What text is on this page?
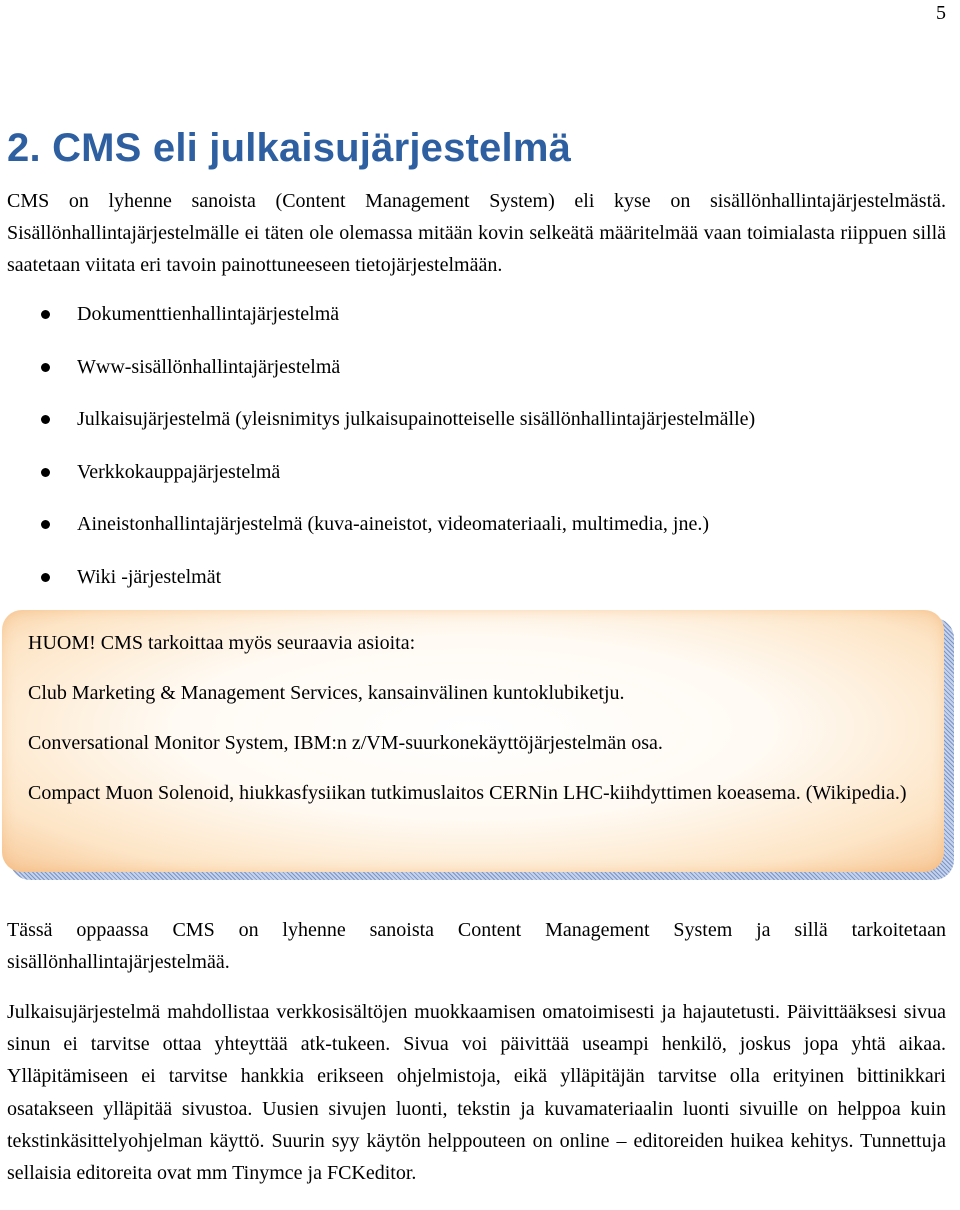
5
2. CMS eli julkaisujärjestelmä

CMS on lyhenne sanoista (Content Management System) eli kyse on sisällönhallintajärjestelmästä. Sisällönhallintajärjestelmälle ei täten ole olemassa mitään kovin selkeätä määritelmää vaan toimialasta riippuen sillä saatetaan viitata eri tavoin painottuneeseen tietojärjestelmään.

Dokumenttienhallintajärjestelmä
Www-sisällönhallintajärjestelmä
Julkaisujärjestelmä (yleisnimitys julkaisupainotteiselle sisällönhallintajärjestelmälle)
Verkkokauppajärjestelmä
Aineistonhallintajärjestelmä (kuva-aineistot, videomateriaali, multimedia, jne.)
Wiki -järjestelmät

HUOM! CMS tarkoittaa myös seuraavia asioita:

Club Marketing & Management Services, kansainvälinen kuntoklubiketju.

Conversational Monitor System, IBM:n z/VM-suurkonekäyttöjärjestelmän osa.

Compact Muon Solenoid, hiukkasfysiikan tutkimuslaitos CERNin LHC-kiihdyttimen koeasema. (Wikipedia.)

Tässä oppaassa CMS on lyhenne sanoista Content Management System ja sillä tarkoitetaan sisällönhallintajärjestelmää.

Julkaisujärjestelmä mahdollistaa verkkosisältöjen muokkaamisen omatoimisesti ja hajautetusti. Päivittääksesi sivua sinun ei tarvitse ottaa yhteyttää atk-tukeen. Sivua voi päivittää useampi henkilö, joskus jopa yhtä aikaa. Ylläpitämiseen ei tarvitse hankkia erikseen ohjelmistoja, eikä ylläpitäjän tarvitse olla erityinen bittinikkari osatakseen ylläpitää sivustoa. Uusien sivujen luonti, tekstin ja kuvamateriaalin luonti sivuille on helppoa kuin tekstinkäsittelyohjelman käyttö. Suurin syy käytön helppouteen on online – editoreiden huikea kehitys. Tunnettuja sellaisia editoreita ovat mm Tinymce ja FCKeditor.
